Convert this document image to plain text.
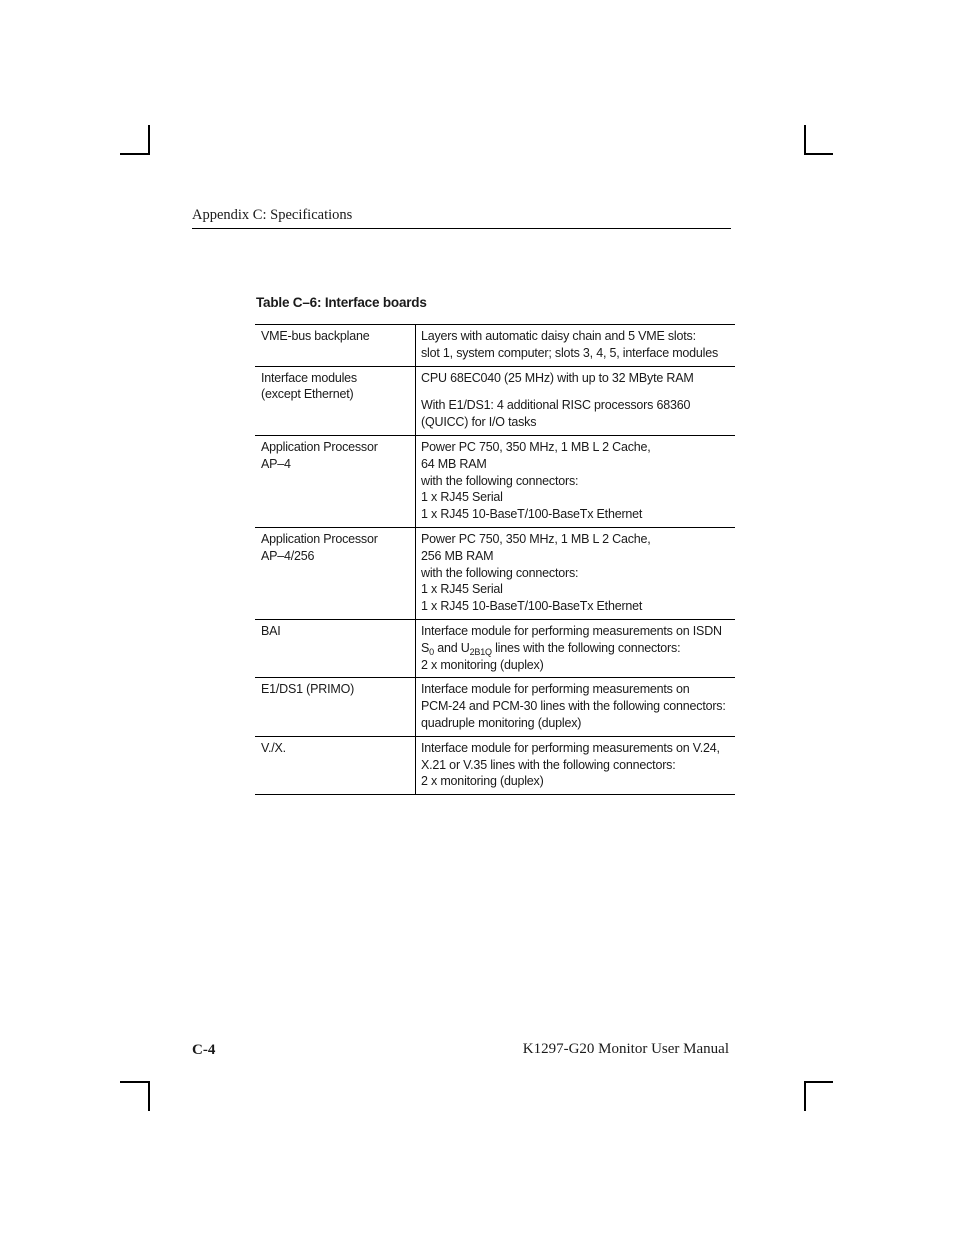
Appendix C: Specifications
Table C–6: Interface boards
VME-bus backplane	Layers with automatic daisy chain and 5 VME slots:
slot 1, system computer; slots 3, 4, 5, interface modules

Interface modules
(except Ethernet)	CPU 68EC040 (25 MHz) with up to 32 MByte RAM
With E1/DS1: 4 additional RISC processors 68360
(QUICC) for I/O tasks

Application Processor
AP–4	Power PC 750, 350 MHz, 1 MB L 2 Cache,
64 MB RAM
with the following connectors:
1 x RJ45 Serial
1 x RJ45 10-BaseT/100-BaseTx Ethernet

Application Processor
AP–4/256	Power PC 750, 350 MHz, 1 MB L 2 Cache,
256 MB RAM
with the following connectors:
1 x RJ45 Serial
1 x RJ45 10-BaseT/100-BaseTx Ethernet

BAI	Interface module for performing measurements on ISDN
$S_0$ and $U_{2B1Q}$ lines with the following connectors:
2 x monitoring (duplex)

E1/DS1 (PRIMO)	Interface module for performing measurements on
PCM-24 and PCM-30 lines with the following connectors:
quadruple monitoring (duplex)

V./X.	Interface module for performing measurements on V.24,
X.21 or V.35 lines with the following connectors:
2 x monitoring (duplex)
C-4	K1297-G20 Monitor User Manual
